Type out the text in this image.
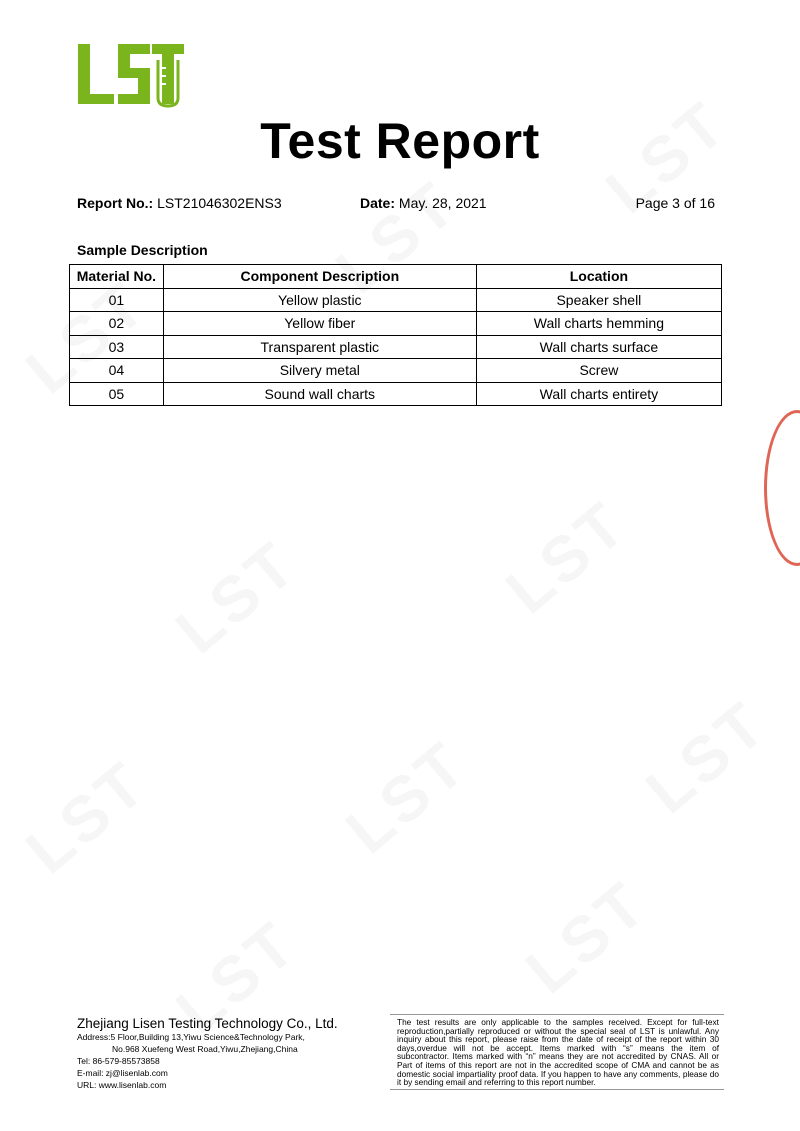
Test Report
Report No.: LST21046302ENS3	Date: May. 28, 2021	Page 3 of 16
Sample Description
Material No.	Component Description	Location
01	Yellow plastic	Speaker shell
02	Yellow fiber	Wall charts hemming
03	Transparent plastic	Wall charts surface
04	Silvery metal	Screw
05	Sound wall charts	Wall charts entirety
Zhejiang Lisen Testing Technology Co., Ltd.
Address:5 Floor,Building 13,Yiwu Science&Technology Park,
No.968 Xuefeng West Road,Yiwu,Zhejiang,China
Tel: 86-579-85573858
E-mail: zj@lisenlab.com
URL: www.lisenlab.com
The test results are only applicable to the samples received. Except for full-text reproduction,partially reproduced or without the special seal of LST is unlawful. Any inquiry about this report, please raise from the date of receipt of the report within 30 days,overdue will not be accept. Items marked with “s” means the item of subcontractor. Items marked with “n” means they are not accredited by CNAS. All or Part of items of this report are not in the accredited scope of CMA and cannot be as domestic social impartiality proof data. If you happen to have any comments, please do it by sending email and referring to this report number.
